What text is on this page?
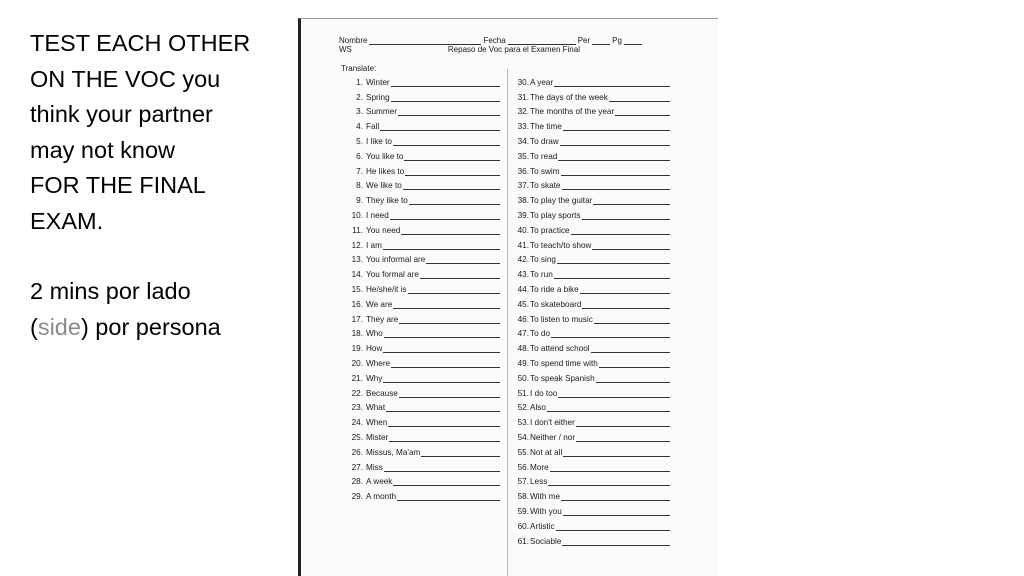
TEST EACH OTHER

ON THE VOC you

think your partner

may not know

FOR THE FINAL

EXAM.

2 mins por lado

(side) por persona

Nombre	Fecha	Per	Pg
WS	Repaso de Voc para el Examen Final
Translate:
1. Winter
2. Spring
3. Summer
4. Fall
5. I like to
6. You like to
7. He likes to
8. We like to
9. They like to
10. I need
11. You need
12. I am
13. You informal are
14. You formal are
15. He/she/it is
16. We are
17. They are
18. Who
19. How
20. Where
21. Why
22. Because
23. What
24. When
25. Mister
26. Missus, Ma'am
27. Miss
28. A week
29. A month
30. A year
31. The days of the week
32. The months of the year
33. The time
34. To draw
35. To read
36. To swim
37. To skate
38. To play the guitar
39. To play sports
40. To practice
41. To teach/to show
42. To sing
43. To run
44. To ride a bike
45. To skateboard
46. To listen to music
47. To do
48. To attend school
49. To spend time with
50. To speak Spanish
51. I do too
52. Also
53. I don't either
54. Neither / nor
55. Not at all
56. More
57. Less
58. With me
59. With you
60. Artistic
61. Sociable
